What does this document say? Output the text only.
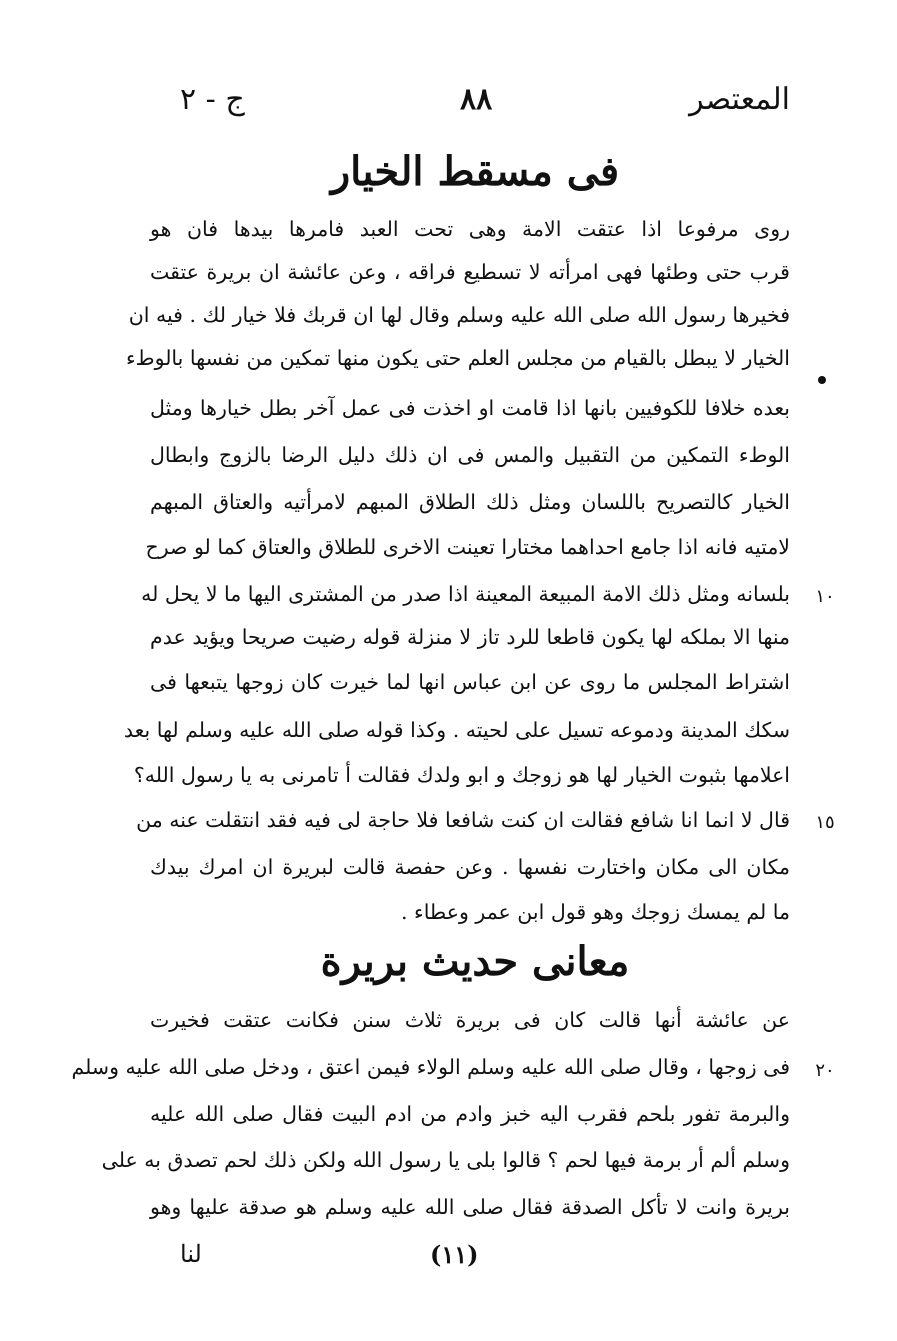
ج - ٢	٨٨	المعتصر
فى مسقط الخيار
روى مرفوعا اذا عتقت الامة وهى تحت العبد فامرها بيدها فان هو
قرب حتى وطئها فهى امرأته لا تسطيع فراقه ، وعن عائشة ان بريرة عتقت
فخيرها رسول الله صلى الله عليه وسلم وقال لها ان قربك فلا خيار لك . فيه ان
الخيار لا يبطل بالقيام من مجلس العلم حتى يكون منها تمكين من نفسها بالوطء
بعده خلافا للكوفيين بانها اذا قامت او اخذت فى عمل آخر بطل خيارها ومثل
الوطء التمكين من التقبيل والمس فى ان ذلك دليل الرضا بالزوج وابطال
الخيار كالتصريح باللسان ومثل ذلك الطلاق المبهم لامرأتيه والعتاق المبهم
لامتيه فانه اذا جامع احداهما مختارا تعينت الاخرى للطلاق والعتاق كما لو صرح
بلسانه ومثل ذلك الامة المبيعة المعينة اذا صدر من المشترى اليها ما لا يحل له
منها الا بملكه لها يكون قاطعا للرد تاز لا منزلة قوله رضيت صريحا ويؤيد عدم
اشتراط المجلس ما روى عن ابن عباس انها لما خيرت كان زوجها يتبعها فى
سكك المدينة ودموعه تسيل على لحيته . وكذا قوله صلى الله عليه وسلم لها بعد
اعلامها بثبوت الخيار لها هو زوجك و ابو ولدك فقالت أ تامرنى به يا رسول الله؟
قال لا انما انا شافع فقالت ان كنت شافعا فلا حاجة لى فيه فقد انتقلت عنه من
مكان الى مكان واختارت نفسها . وعن حفصة قالت لبريرة ان امرك بيدك
ما لم يمسك زوجك وهو قول ابن عمر وعطاء .
عن عائشة أنها قالت كان فى بريرة ثلاث سنن فكانت عتقت فخيرت
فى زوجها ، وقال صلى الله عليه وسلم الولاء فيمن اعتق ، ودخل صلى الله عليه وسلم
والبرمة تفور بلحم فقرب اليه خبز وادم من ادم البيت فقال صلى الله عليه
وسلم ألم أر برمة فيها لحم ؟ قالوا بلى يا رسول الله ولكن ذلك لحم تصدق به على
بريرة وانت لا تأكل الصدقة فقال صلى الله عليه وسلم هو صدقة عليها وهو
معانى حديث بريرة
١٠
١٥
٢٠
(١١)
لنا
